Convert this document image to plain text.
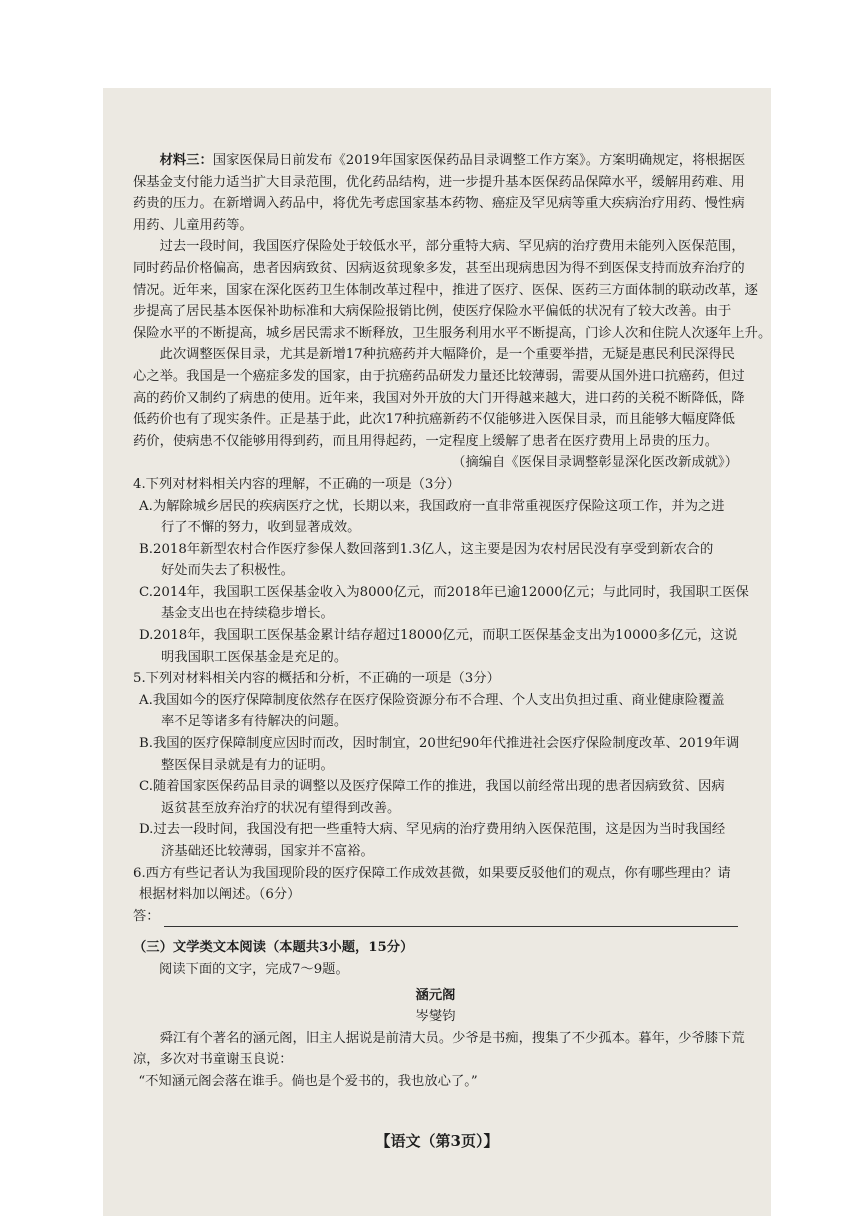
材料三：国家医保局日前发布《2019年国家医保药品目录调整工作方案》。方案明确规定，将根据医
保基金支付能力适当扩大目录范围，优化药品结构，进一步提升基本医保药品保障水平，缓解用药难、用
药贵的压力。在新增调入药品中，将优先考虑国家基本药物、癌症及罕见病等重大疾病治疗用药、慢性病
用药、儿童用药等。
过去一段时间，我国医疗保险处于较低水平，部分重特大病、罕见病的治疗费用未能列入医保范围，
同时药品价格偏高，患者因病致贫、因病返贫现象多发，甚至出现病患因为得不到医保支持而放弃治疗的
情况。近年来，国家在深化医药卫生体制改革过程中，推进了医疗、医保、医药三方面体制的联动改革，逐
步提高了居民基本医保补助标准和大病保险报销比例，使医疗保险水平偏低的状况有了较大改善。由于
保险水平的不断提高，城乡居民需求不断释放，卫生服务利用水平不断提高，门诊人次和住院人次逐年上升。
此次调整医保目录，尤其是新增17种抗癌药并大幅降价，是一个重要举措，无疑是惠民利民深得民
心之举。我国是一个癌症多发的国家，由于抗癌药品研发力量还比较薄弱，需要从国外进口抗癌药，但过
高的药价又制约了病患的使用。近年来，我国对外开放的大门开得越来越大，进口药的关税不断降低，降
低药价也有了现实条件。正是基于此，此次17种抗癌新药不仅能够进入医保目录，而且能够大幅度降低
药价，使病患不仅能够用得到药，而且用得起药，一定程度上缓解了患者在医疗费用上昂贵的压力。
（摘编自《医保目录调整彰显深化医改新成就》）
4.下列对材料相关内容的理解，不正确的一项是（3分）
A.为解除城乡居民的疾病医疗之忧，长期以来，我国政府一直非常重视医疗保险这项工作，并为之进
行了不懈的努力，收到显著成效。
B.2018年新型农村合作医疗参保人数回落到1.3亿人，这主要是因为农村居民没有享受到新农合的
好处而失去了积极性。
C.2014年，我国职工医保基金收入为8000亿元，而2018年已逾12000亿元；与此同时，我国职工医保
基金支出也在持续稳步增长。
D.2018年，我国职工医保基金累计结存超过18000亿元，而职工医保基金支出为10000多亿元，这说
明我国职工医保基金是充足的。
5.下列对材料相关内容的概括和分析，不正确的一项是（3分）
A.我国如今的医疗保障制度依然存在医疗保险资源分布不合理、个人支出负担过重、商业健康险覆盖
率不足等诸多有待解决的问题。
B.我国的医疗保障制度应因时而改，因时制宜，20世纪90年代推进社会医疗保险制度改革、2019年调
整医保目录就是有力的证明。
C.随着国家医保药品目录的调整以及医疗保障工作的推进，我国以前经常出现的患者因病致贫、因病
返贫甚至放弃治疗的状况有望得到改善。
D.过去一段时间，我国没有把一些重特大病、罕见病的治疗费用纳入医保范围，这是因为当时我国经
济基础还比较薄弱，国家并不富裕。
6.西方有些记者认为我国现阶段的医疗保障工作成效甚微，如果要反驳他们的观点，你有哪些理由？请
根据材料加以阐述。（6分）
答：
（三）文学类文本阅读（本题共3小题，15分）
阅读下面的文字，完成7～9题。
涵元阁
岑燮钧
舜江有个著名的涵元阁，旧主人据说是前清大员。少爷是书痴，搜集了不少孤本。暮年，少爷膝下荒
凉，多次对书童谢玉良说：
“不知涵元阁会落在谁手。倘也是个爱书的，我也放心了。”
【语文（第3页）】
